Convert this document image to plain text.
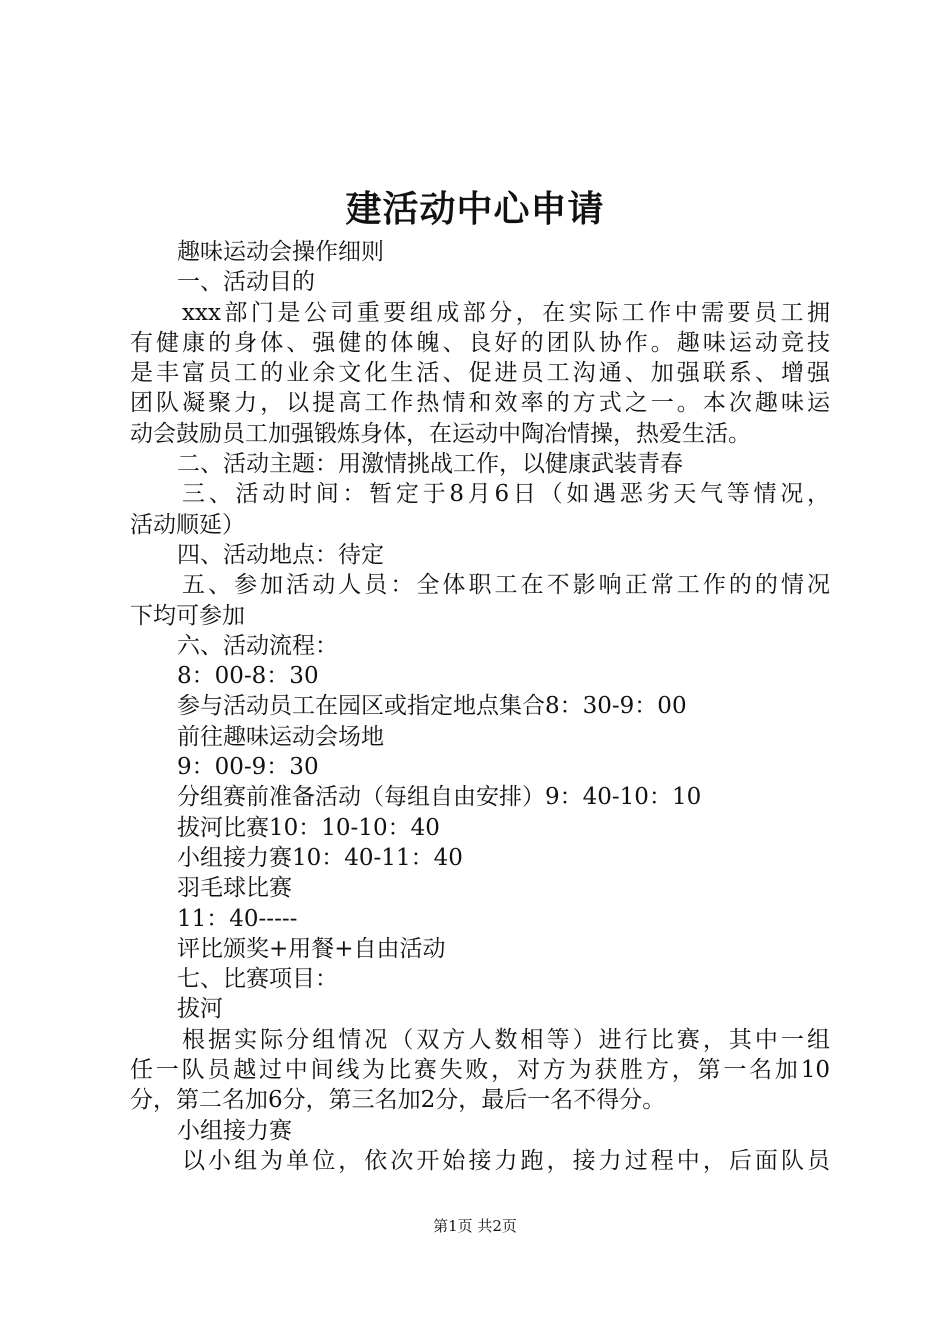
建活动中心申请

趣味运动会操作细则

一、活动目的

xxx部门是公司重要组成部分，在实际工作中需要员工拥

有健康的身体、强健的体魄、良好的团队协作。趣味运动竞技

是丰富员工的业余文化生活、促进员工沟通、加强联系、增强

团队凝聚力，以提高工作热情和效率的方式之一。本次趣味运

动会鼓励员工加强锻炼身体，在运动中陶冶情操，热爱生活。

二、活动主题：用激情挑战工作，以健康武装青春

三、活动时间：暂定于8月6日（如遇恶劣天气等情况，

活动顺延）

四、活动地点：待定

五、参加活动人员：全体职工在不影响正常工作的的情况

下均可参加

六、活动流程：

8：00-8：30

参与活动员工在园区或指定地点集合8：30-9：00

前往趣味运动会场地

9：00-9：30

分组赛前准备活动（每组自由安排）9：40-10：10

拔河比赛10：10-10：40

小组接力赛10：40-11：40

羽毛球比赛

11：40-----

评比颁奖+用餐+自由活动

七、比赛项目：

拔河

根据实际分组情况（双方人数相等）进行比赛，其中一组

任一队员越过中间线为比赛失败，对方为获胜方，第一名加10

分，第二名加6分，第三名加2分，最后一名不得分。

小组接力赛

以小组为单位，依次开始接力跑，接力过程中，后面队员

第1页 共2页
